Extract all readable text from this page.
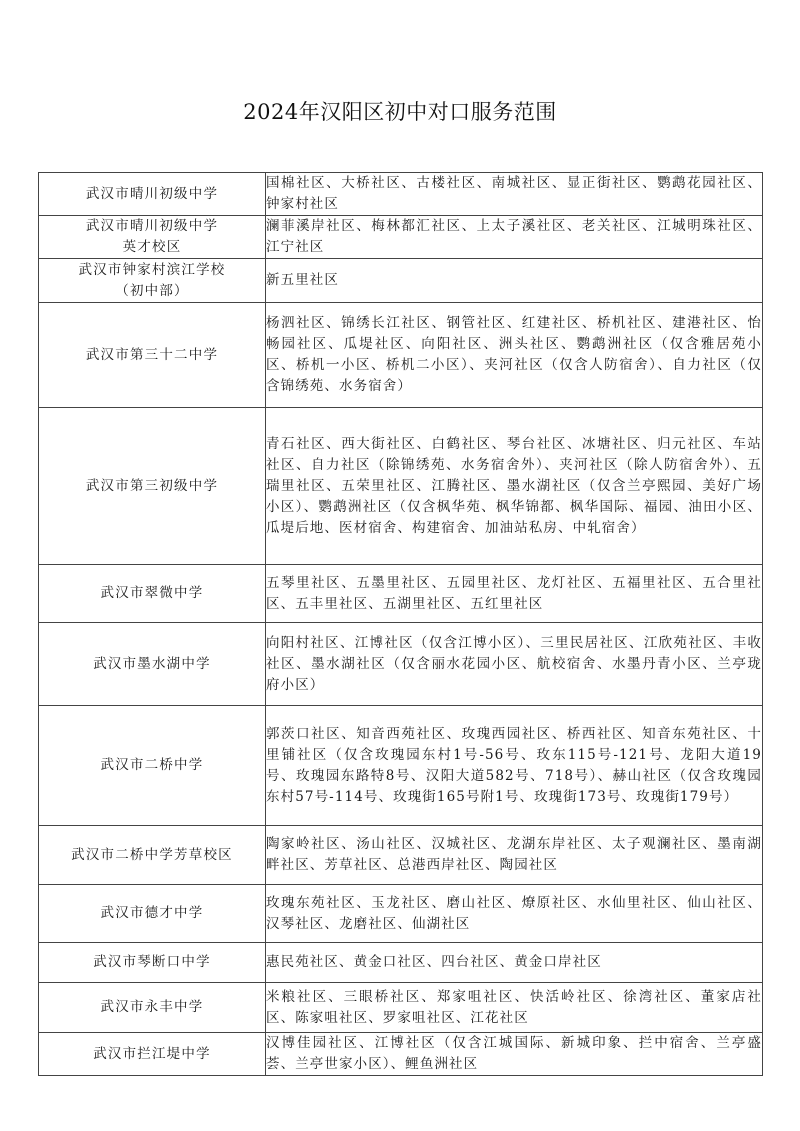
2024年汉阳区初中对口服务范围
武汉市晴川初级中学	国棉社区、大桥社区、古楼社区、南城社区、显正街社区、鹦鹉花园社区、钟家村社区

武汉市晴川初级中学
英才校区	澜菲溪岸社区、梅林都汇社区、上太子溪社区、老关社区、江城明珠社区、江宁社区

武汉市钟家村滨江学校
（初中部）	新五里社区

武汉市第三十二中学	杨泗社区、锦绣长江社区、钢管社区、红建社区、桥机社区、建港社区、怡畅园社区、瓜堤社区、向阳社区、洲头社区、鹦鹉洲社区（仅含雅居苑小区、桥机一小区、桥机二小区）、夹河社区（仅含人防宿舍）、自力社区（仅含锦绣苑、水务宿舍）

武汉市第三初级中学	青石社区、西大街社区、白鹤社区、琴台社区、冰塘社区、归元社区、车站社区、自力社区（除锦绣苑、水务宿舍外）、夹河社区（除人防宿舍外）、五瑞里社区、五荣里社区、江腾社区、墨水湖社区（仅含兰亭熙园、美好广场小区）、鹦鹉洲社区（仅含枫华苑、枫华锦都、枫华国际、福园、油田小区、瓜堤后地、医材宿舍、构建宿舍、加油站私房、中轧宿舍）

武汉市翠微中学	五琴里社区、五墨里社区、五园里社区、龙灯社区、五福里社区、五合里社区、五丰里社区、五湖里社区、五红里社区

武汉市墨水湖中学	向阳村社区、江博社区（仅含江博小区）、三里民居社区、江欣苑社区、丰收社区、墨水湖社区（仅含丽水花园小区、航校宿舍、水墨丹青小区、兰亭珑府小区）

武汉市二桥中学	郭茨口社区、知音西苑社区、玫瑰西园社区、桥西社区、知音东苑社区、十里铺社区（仅含玫瑰园东村1号-56号、玫东115号-121号、龙阳大道19号、玫瑰园东路特8号、汉阳大道582号、718号）、赫山社区（仅含玫瑰园东村57号-114号、玫瑰街165号附1号、玫瑰街173号、玫瑰街179号）

武汉市二桥中学芳草校区	陶家岭社区、汤山社区、汉城社区、龙湖东岸社区、太子观澜社区、墨南湖畔社区、芳草社区、总港西岸社区、陶园社区

武汉市德才中学	玫瑰东苑社区、玉龙社区、磨山社区、燎原社区、水仙里社区、仙山社区、汉琴社区、龙磨社区、仙湖社区

武汉市琴断口中学	惠民苑社区、黄金口社区、四台社区、黄金口岸社区

武汉市永丰中学	米粮社区、三眼桥社区、郑家咀社区、快活岭社区、徐湾社区、董家店社区、陈家咀社区、罗家咀社区、江花社区

武汉市拦江堤中学	汉博佳园社区、江博社区（仅含江城国际、新城印象、拦中宿舍、兰亭盛荟、兰亭世家小区）、鲤鱼洲社区
